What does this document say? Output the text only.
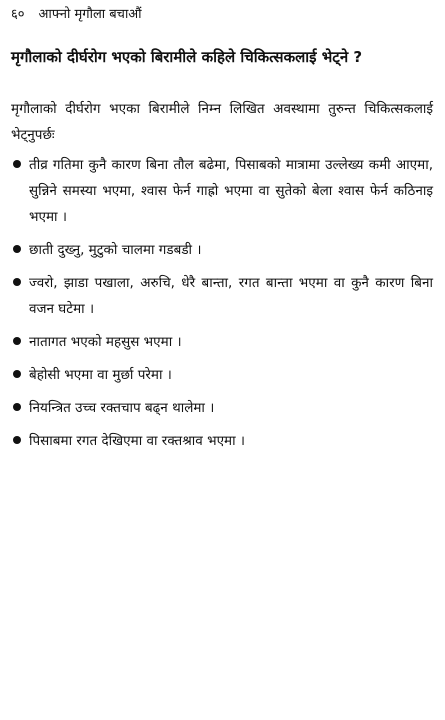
६० आफ्नो मृगौला बचाऔं
मृगौलाको दीर्घरोग भएको बिरामीले कहिले चिकित्सकलाई भेट्ने ?
मृगौलाको दीर्घरोग भएका बिरामीले निम्न लिखित अवस्थामा तुरुन्त चिकित्सकलाई भेट्नुपर्छः
तीव्र गतिमा कुनै कारण बिना तौल बढेमा, पिसाबको मात्रामा उल्लेख्य कमी आएमा, सुन्निने समस्या भएमा, श्वास फेर्न गाह्रो भएमा वा सुतेको बेला श्वास फेर्न कठिनाइ भएमा ।
छाती दुख्नु, मुटुको चालमा गडबडी ।
ज्वरो, झाडा पखाला, अरुचि, धेरै बान्ता, रगत बान्ता भएमा वा कुनै कारण बिना वजन घटेमा ।
नातागत भएको महसुस भएमा ।
बेहोसी भएमा वा मुर्छा परेमा ।
नियन्त्रित उच्च रक्तचाप बढ्न थालेमा ।
पिसाबमा रगत देखिएमा वा रक्तश्राव भएमा ।
